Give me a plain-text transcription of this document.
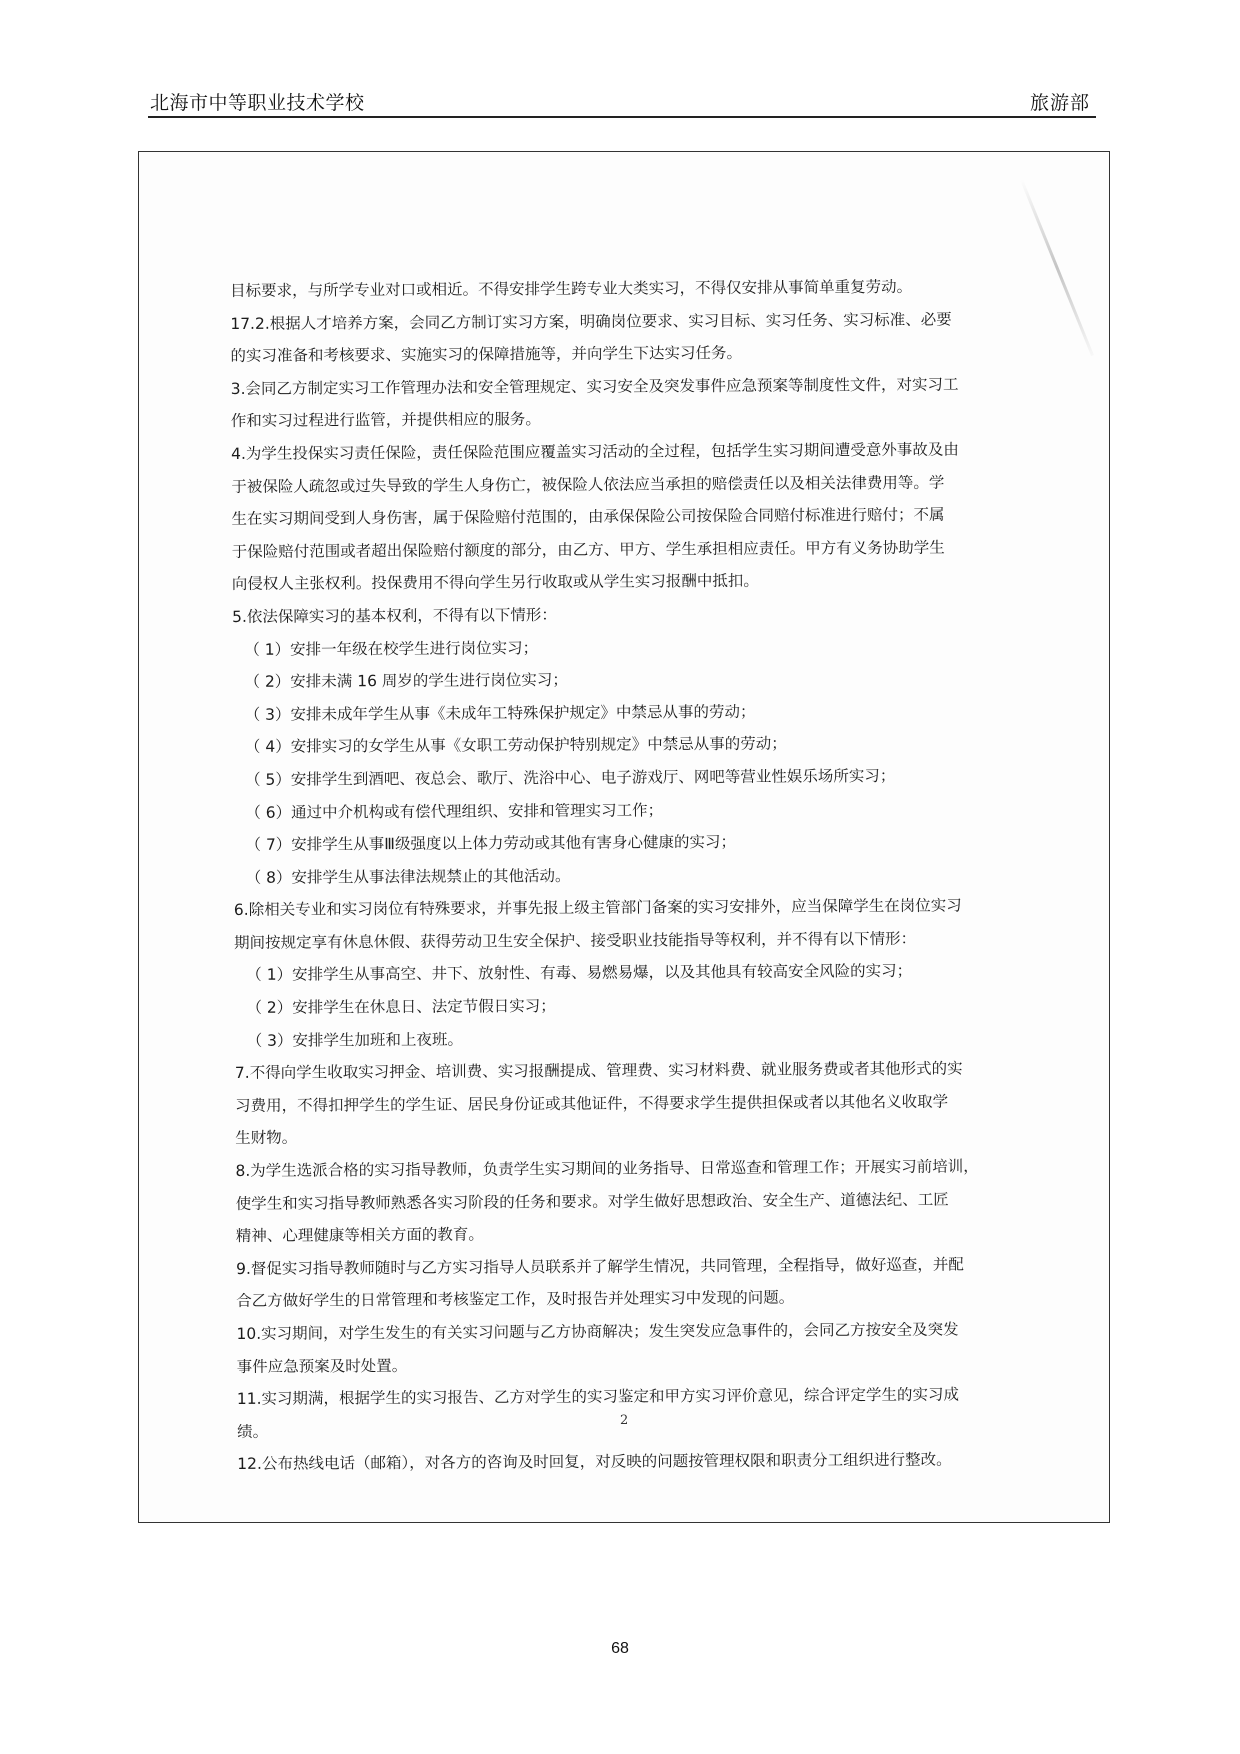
北海市中等职业技术学校	旅游部
目标要求，与所学专业对口或相近。不得安排学生跨专业大类实习，不得仅安排从事简单重复劳动。
17.2.根据人才培养方案，会同乙方制订实习方案，明确岗位要求、实习目标、实习任务、实习标准、必要
的实习准备和考核要求、实施实习的保障措施等，并向学生下达实习任务。
3.会同乙方制定实习工作管理办法和安全管理规定、实习安全及突发事件应急预案等制度性文件，对实习工
作和实习过程进行监管，并提供相应的服务。
4.为学生投保实习责任保险，责任保险范围应覆盖实习活动的全过程，包括学生实习期间遭受意外事故及由
于被保险人疏忽或过失导致的学生人身伤亡，被保险人依法应当承担的赔偿责任以及相关法律费用等。学
生在实习期间受到人身伤害，属于保险赔付范围的，由承保保险公司按保险合同赔付标准进行赔付；不属
于保险赔付范围或者超出保险赔付额度的部分，由乙方、甲方、学生承担相应责任。甲方有义务协助学生
向侵权人主张权利。投保费用不得向学生另行收取或从学生实习报酬中抵扣。
5.依法保障实习的基本权利，不得有以下情形：
（ 1）安排一年级在校学生进行岗位实习；
（ 2）安排未满 16 周岁的学生进行岗位实习；
（ 3）安排未成年学生从事《未成年工特殊保护规定》中禁忌从事的劳动；
（ 4）安排实习的女学生从事《女职工劳动保护特别规定》中禁忌从事的劳动；
（ 5）安排学生到酒吧、夜总会、歌厅、洗浴中心、电子游戏厅、网吧等营业性娱乐场所实习；
（ 6）通过中介机构或有偿代理组织、安排和管理实习工作；
（ 7）安排学生从事Ⅲ级强度以上体力劳动或其他有害身心健康的实习；
（ 8）安排学生从事法律法规禁止的其他活动。
6.除相关专业和实习岗位有特殊要求，并事先报上级主管部门备案的实习安排外，应当保障学生在岗位实习
期间按规定享有休息休假、获得劳动卫生安全保护、接受职业技能指导等权利，并不得有以下情形：
（ 1）安排学生从事高空、井下、放射性、有毒、易燃易爆，以及其他具有较高安全风险的实习；
（ 2）安排学生在休息日、法定节假日实习；
（ 3）安排学生加班和上夜班。
7.不得向学生收取实习押金、培训费、实习报酬提成、管理费、实习材料费、就业服务费或者其他形式的实
习费用，不得扣押学生的学生证、居民身份证或其他证件，不得要求学生提供担保或者以其他名义收取学
生财物。
8.为学生选派合格的实习指导教师，负责学生实习期间的业务指导、日常巡查和管理工作；开展实习前培训，
使学生和实习指导教师熟悉各实习阶段的任务和要求。对学生做好思想政治、安全生产、道德法纪、工匠
精神、心理健康等相关方面的教育。
9.督促实习指导教师随时与乙方实习指导人员联系并了解学生情况，共同管理，全程指导，做好巡查，并配
合乙方做好学生的日常管理和考核鉴定工作，及时报告并处理实习中发现的问题。
10.实习期间，对学生发生的有关实习问题与乙方协商解决；发生突发应急事件的，会同乙方按安全及突发
事件应急预案及时处置。
11.实习期满，根据学生的实习报告、乙方对学生的实习鉴定和甲方实习评价意见，综合评定学生的实习成
绩。
12.公布热线电话（邮箱），对各方的咨询及时回复，对反映的问题按管理权限和职责分工组织进行整改。
2
68
